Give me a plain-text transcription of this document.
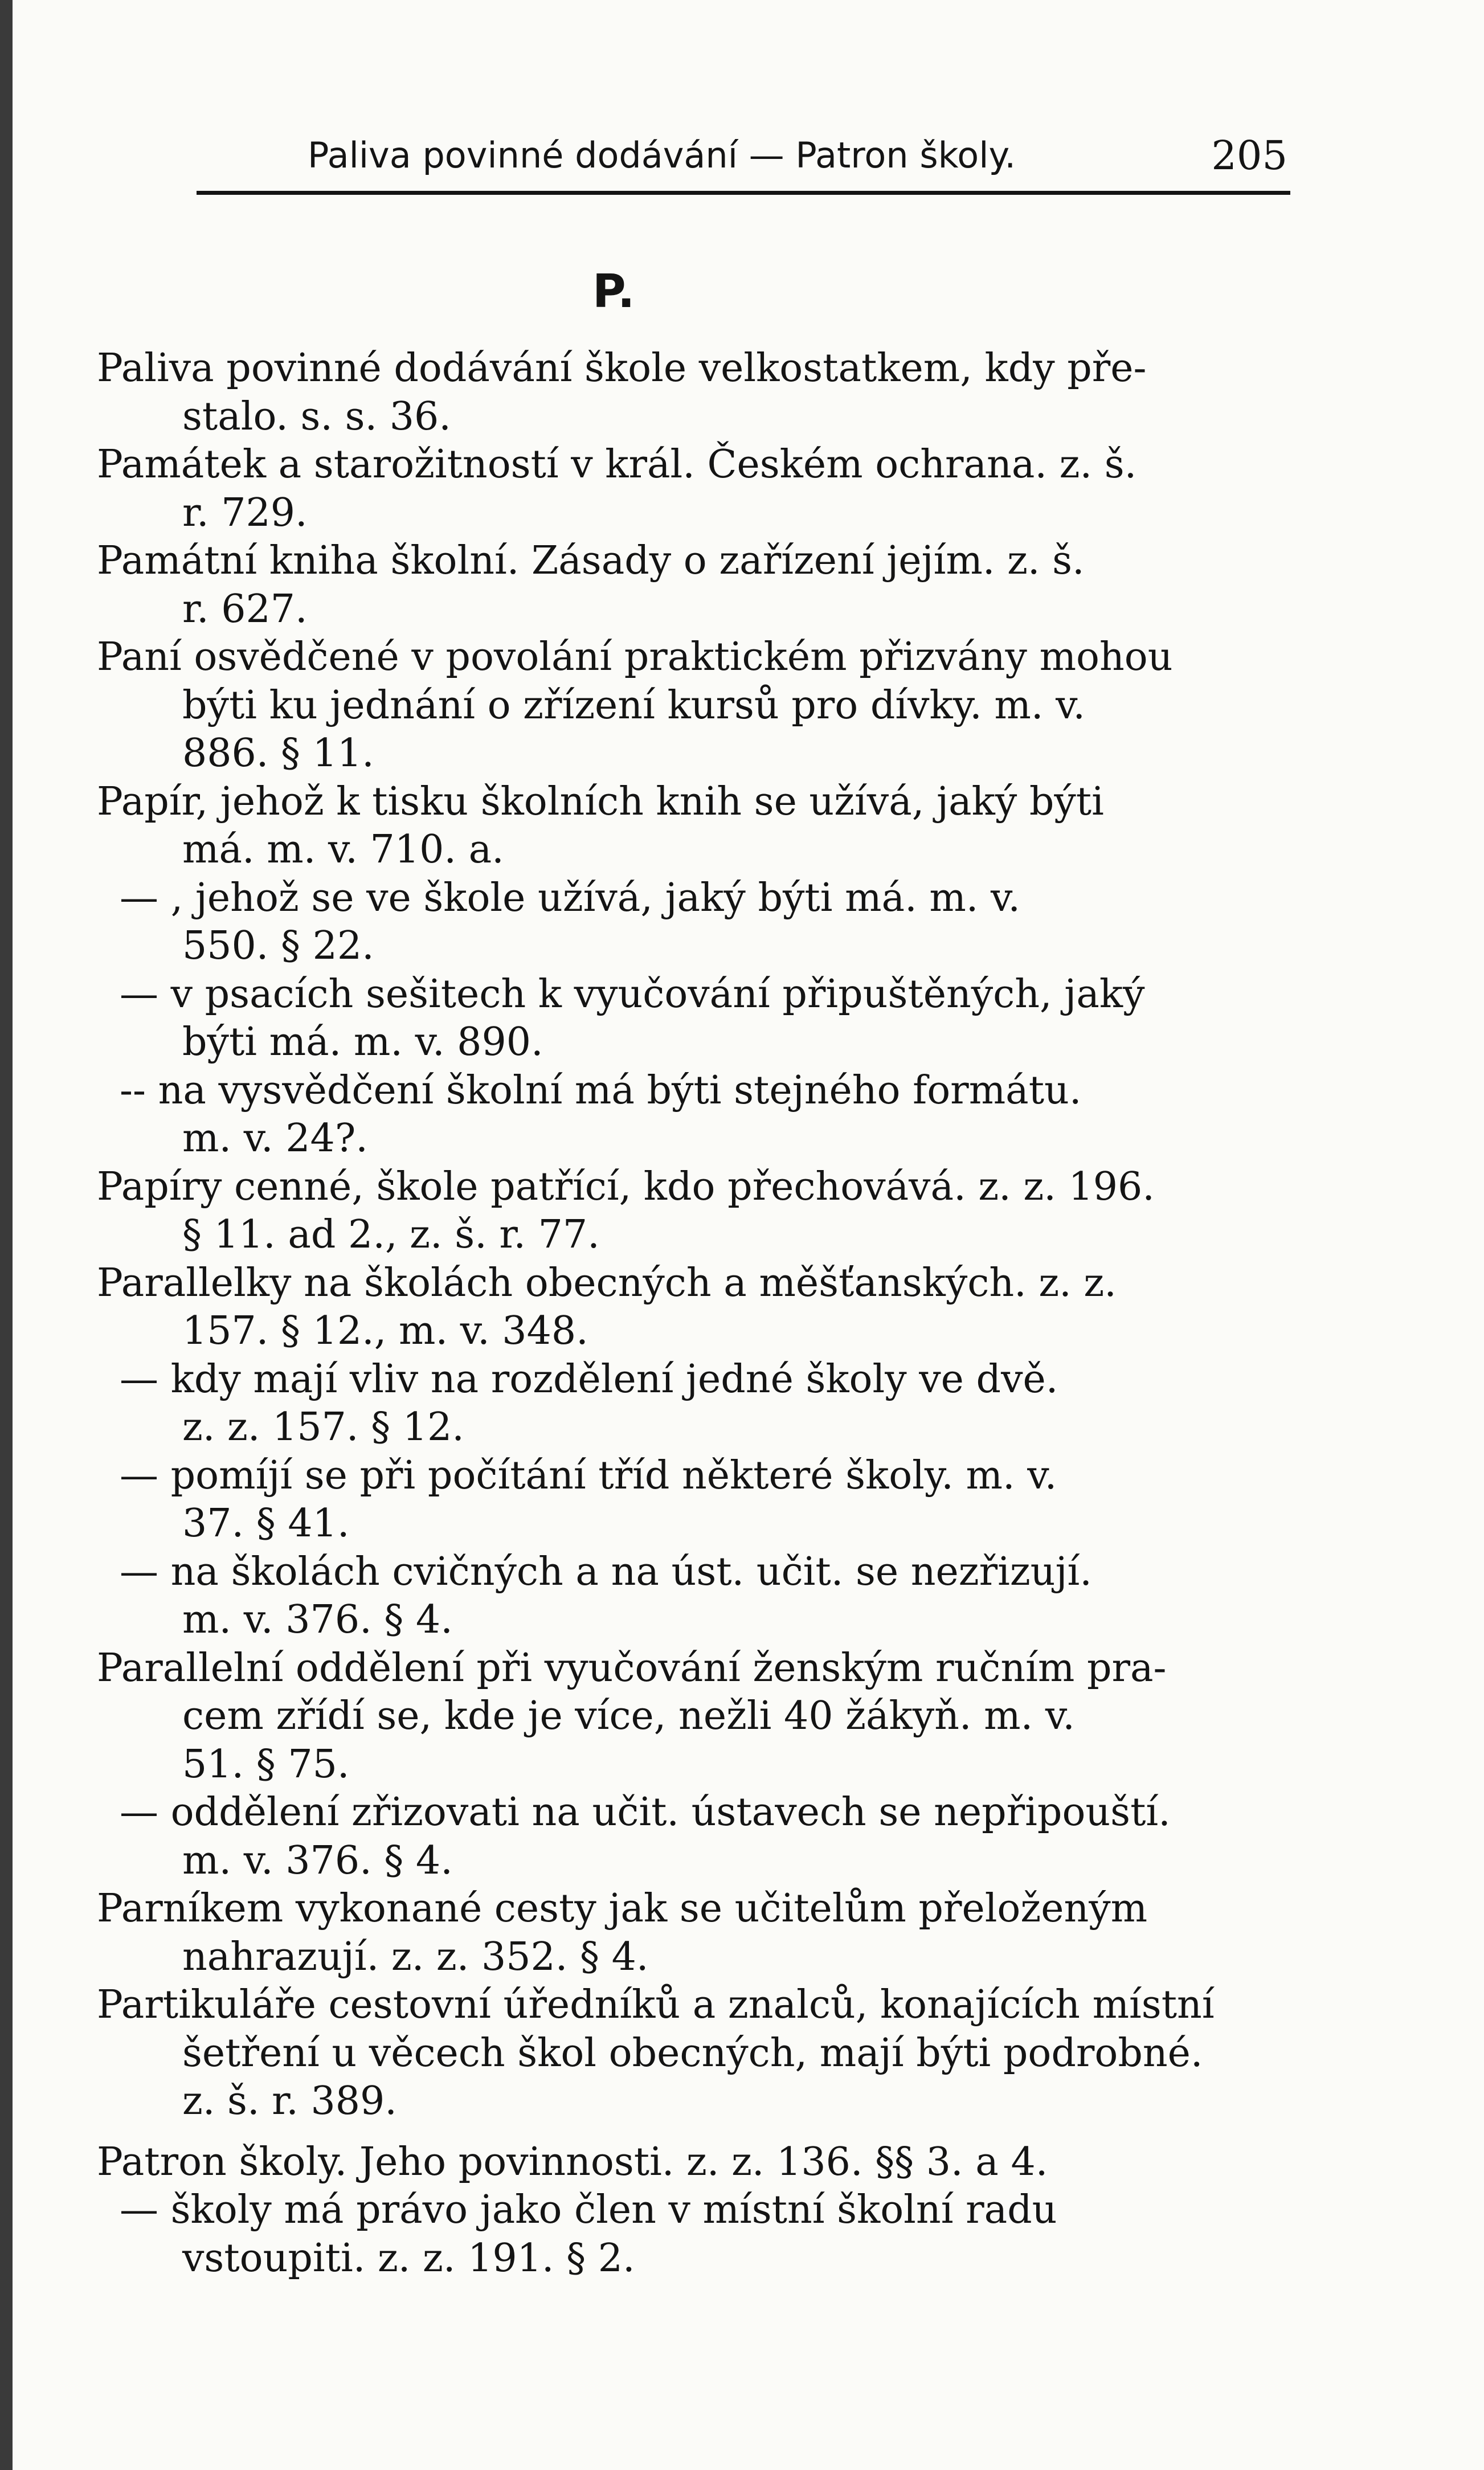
Paliva povinné dodávání — Patron školy.	205
P.
Paliva povinné dodávání škole velkostatkem, kdy pře-
stalo. s. s. 36.
Památek a starožitností v král. Českém ochrana. z. š.
r. 729.
Památní kniha školní. Zásady o zařízení jejím. z. š.
r. 627.
Paní osvědčené v povolání praktickém přizvány mohou
býti ku jednání o zřízení kursů pro dívky. m. v.
886. § 11.
Papír, jehož k tisku školních knih se užívá, jaký býti
má. m. v. 710. a.
— , jehož se ve škole užívá, jaký býti má. m. v.
550. § 22.
— v psacích sešitech k vyučování připuštěných, jaký
býti má. m. v. 890.
-- na vysvědčení školní má býti stejného formátu.
m. v. 24?.
Papíry cenné, škole patřící, kdo přechovává. z. z. 196.
§ 11. ad 2., z. š. r. 77.
Parallelky na školách obecných a měšťanských. z. z.
157. § 12., m. v. 348.
— kdy mají vliv na rozdělení jedné školy ve dvě.
z. z. 157. § 12.
— pomíjí se při počítání tříd některé školy. m. v.
37. § 41.
— na školách cvičných a na úst. učit. se nezřizují.
m. v. 376. § 4.
Parallelní oddělení při vyučování ženským ručním pra-
cem zřídí se, kde je více, nežli 40 žákyň. m. v.
51. § 75.
— oddělení zřizovati na učit. ústavech se nepřipouští.
m. v. 376. § 4.
Parníkem vykonané cesty jak se učitelům přeloženým
nahrazují. z. z. 352. § 4.
Partikuláře cestovní úředníků a znalců, konajících místní
šetření u věcech škol obecných, mají býti podrobné.
z. š. r. 389.
Patron školy. Jeho povinnosti. z. z. 136. §§ 3. a 4.
— školy má právo jako člen v místní školní radu
vstoupiti. z. z. 191. § 2.
